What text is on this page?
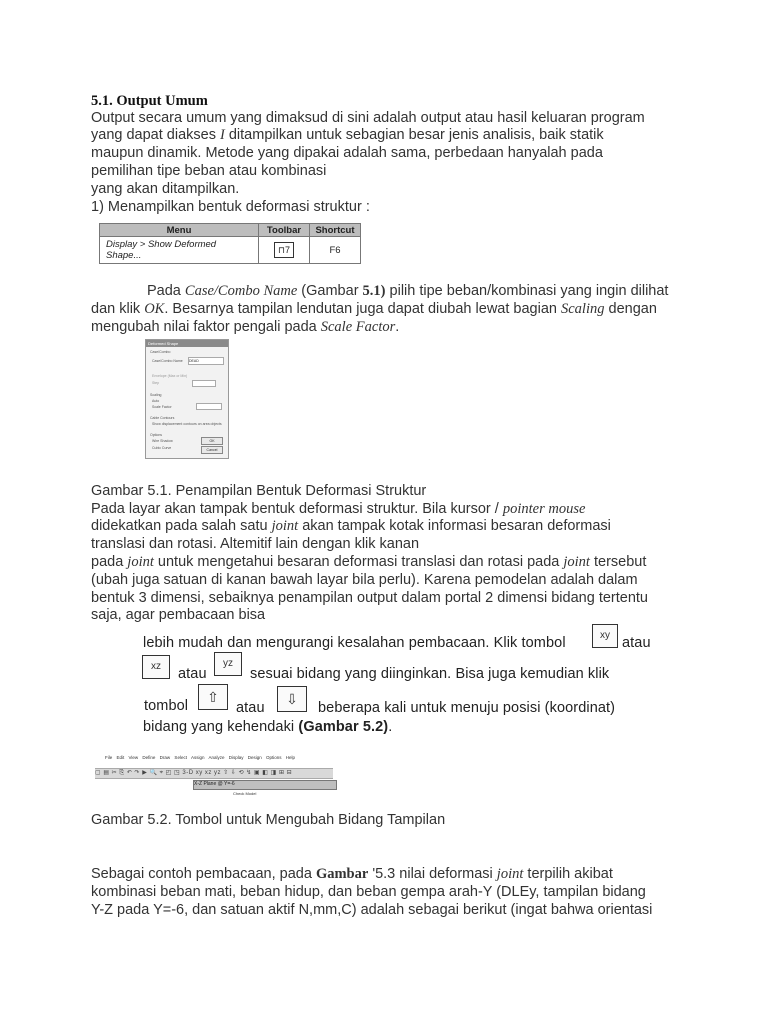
5.1. Output Umum
Output secara umum yang dimaksud di sini adalah output atau hasil keluaran program
yang dapat diakses I ditampilkan untuk sebagian besar jenis analisis, baik statik
maupun dinamik. Metode yang dipakai adalah sama, perbedaan hanyalah pada
pemilihan tipe beban atau kombinasi
yang akan ditampilkan.
1) Menampilkan bentuk deformasi struktur :
Menu	Toolbar	Shortcut
Display > Show Deformed Shape...	⊓7	F6
Pada Case/Combo Name (Gambar 5.1) pilih tipe beban/kombinasi yang ingin dilihat
dan klik OK. Besarnya tampilan lendutan juga dapat diubah lewat bagian Scaling dengan
mengubah nilai faktor pengali pada Scale Factor.
Deformed Shape
Case/Combo
Case/Combo Name DEAD
Envelope (Max or Min)
Step
Scaling
Auto
Scale Factor
Cable Contours
Show displacement contours on area objects
Options
Wire Shadow
Cubic Curve
OK
Cancel
Gambar 5.1. Penampilan Bentuk Deformasi Struktur
Pada layar akan tampak bentuk deformasi struktur. Bila kursor / pointer mouse
didekatkan pada salah satu joint akan tampak kotak informasi besaran deformasi
translasi dan rotasi. Altemitif lain dengan klik kanan
pada joint untuk mengetahui besaran deformasi translasi dan rotasi pada joint tersebut
(ubah juga satuan di kanan bawah layar bila perlu). Karena pemodelan adalah dalam
bentuk 3 dimensi, sebaiknya penampilan output dalam portal 2 dimensi bidang tertentu
saja, agar pembacaan bisa
lebih mudah dan mengurangi kesalahan pembacaan. Klik tombol	xy atau
xz	atau
yz
sesuai bidang yang diinginkan. Bisa juga kemudian klik
tombol
⇧
atau
⇩
beberapa kali untuk menuju posisi (koordinat)
bidang yang kehendaki (Gambar 5.2).
File Edit View Define Draw Select Assign Analyze Display Design Options Help
▢ ▤ ✂ ⎘ ↶ ↷ ▶ 🔍 ⌖ ◰ ◳ 3-D xy xz yz ⇧ ⇩ ⟲ ↯ ▣ ◧ ◨ ⊞ ⊟
X-Z Plane @ Y=-6
Check Model
Gambar 5.2. Tombol untuk Mengubah Bidang Tampilan
Sebagai contoh pembacaan, pada Gambar '5.3 nilai deformasi joint terpilih akibat
kombinasi beban mati, beban hidup, dan beban gempa arah-Y (DLEy, tampilan bidang
Y-Z pada Y=-6, dan satuan aktif N,mm,C) adalah sebagai berikut (ingat bahwa orientasi
